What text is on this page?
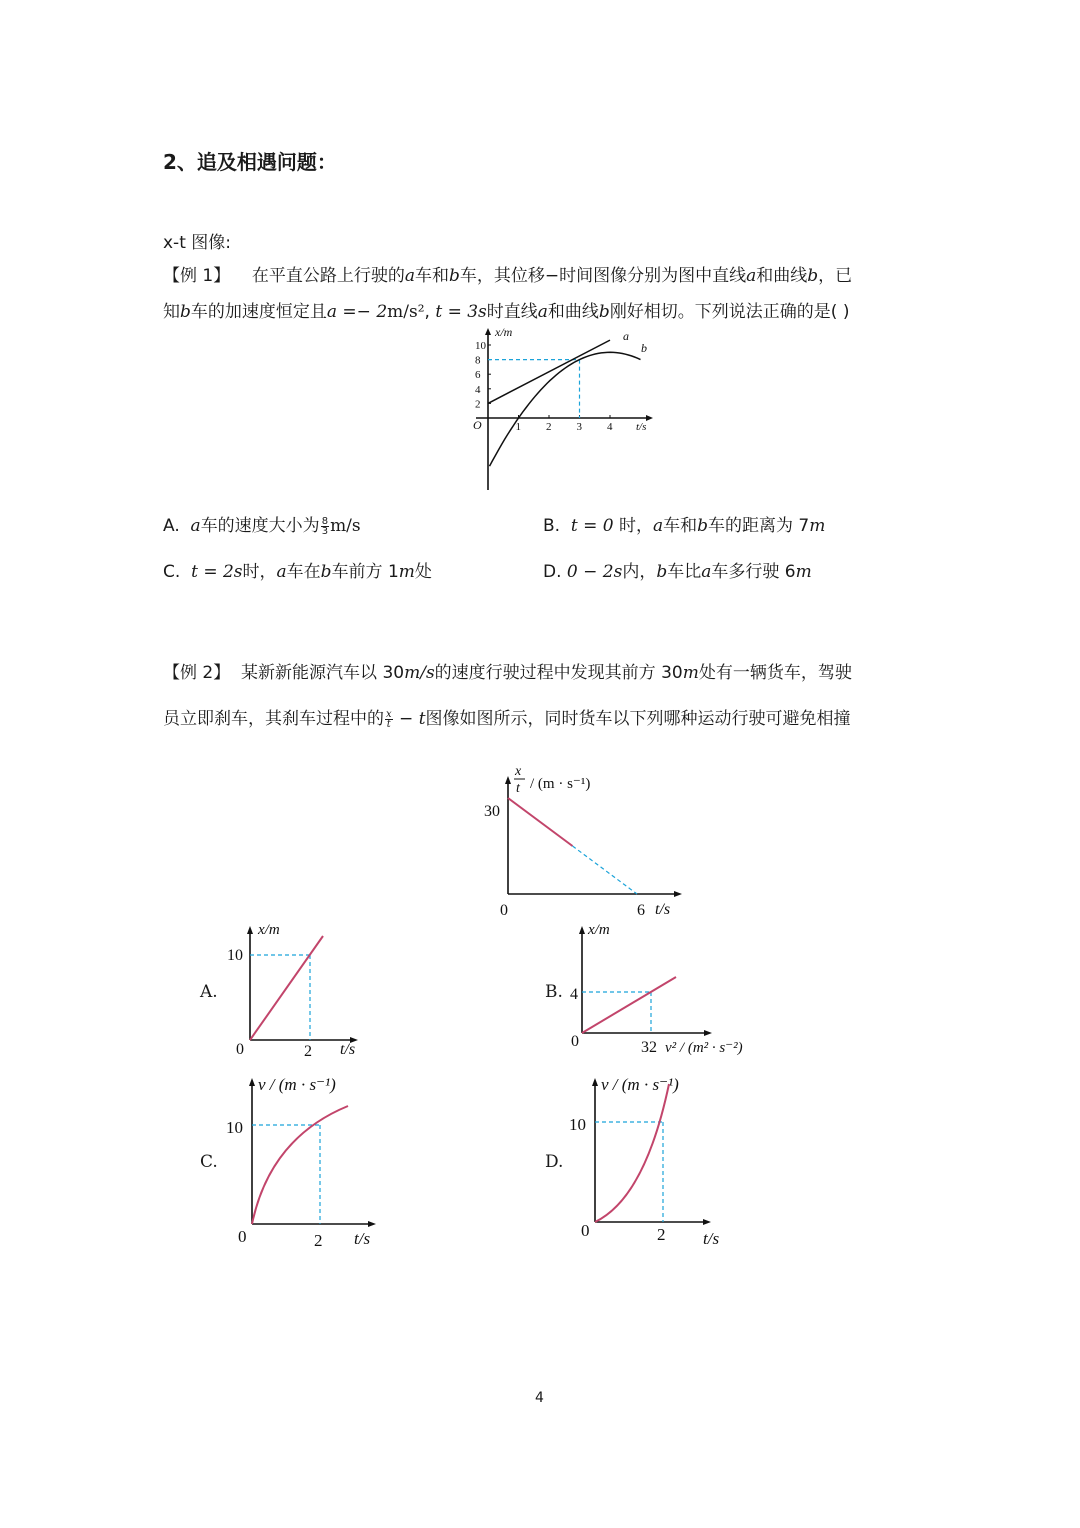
2、追及相遇问题：
x-t 图像:
【例 1】 在平直公路上行驶的a车和b车，其位移−时间图像分别为图中直线a和曲线b，已
知b车的加速度恒定且a =− 2m/s², t = 3s时直线a和曲线b刚好相切。下列说法正确的是( )
x/m
t/s
O
2
4
6
8
10
1 2 3 4
a
b
A. a车的速度大小为 $\frac{8}{3} m/s$	B. t = 0 时，a车和b车的距离为 7m
C. t = 2s时，a车在b车前方 1m处	D. 0 − 2s内，b车比a车多行驶 6m
【例 2】 某新新能源汽车以 30m/s的速度行驶过程中发现其前方 30m处有一辆货车，驾驶
员立即刹车，其刹车过程中的 $\frac{x}{t} - t$图像如图所示，同时货车以下列哪种运动行驶可避免相撞
x
t / (m · s⁻¹)
30
0	6 t/s
A.
x/m
10
0	2 t/s
B.
x/m
4
0	32 v² / (m² · s⁻²)
C.
v / (m · s⁻¹)
10
0	2 t/s
D.
v / (m · s⁻¹)
10
0	2 t/s
4
